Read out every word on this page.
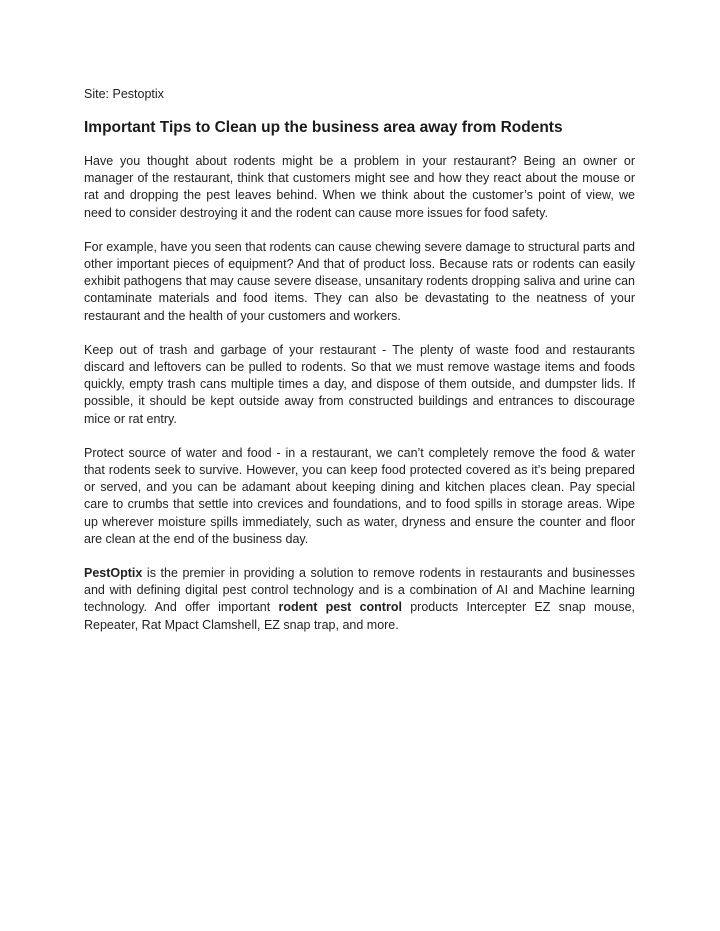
Site: Pestoptix

Important Tips to Clean up the business area away from Rodents

Have you thought about rodents might be a problem in your restaurant? Being an owner or manager of the restaurant, think that customers might see and how they react about the mouse or rat and dropping the pest leaves behind. When we think about the customer’s point of view, we need to consider destroying it and the rodent can cause more issues for food safety.

For example, have you seen that rodents can cause chewing severe damage to structural parts and other important pieces of equipment? And that of product loss. Because rats or rodents can easily exhibit pathogens that may cause severe disease, unsanitary rodents dropping saliva and urine can contaminate materials and food items. They can also be devastating to the neatness of your restaurant and the health of your customers and workers.

Keep out of trash and garbage of your restaurant - The plenty of waste food and restaurants discard and leftovers can be pulled to rodents. So that we must remove wastage items and foods quickly, empty trash cans multiple times a day, and dispose of them outside, and dumpster lids. If possible, it should be kept outside away from constructed buildings and entrances to discourage mice or rat entry.

Protect source of water and food - in a restaurant, we can’t completely remove the food & water that rodents seek to survive. However, you can keep food protected covered as it’s being prepared or served, and you can be adamant about keeping dining and kitchen places clean. Pay special care to crumbs that settle into crevices and foundations, and to food spills in storage areas. Wipe up wherever moisture spills immediately, such as water, dryness and ensure the counter and floor are clean at the end of the business day.

PestOptix is the premier in providing a solution to remove rodents in restaurants and businesses and with defining digital pest control technology and is a combination of AI and Machine learning technology. And offer important rodent pest control products Intercepter EZ snap mouse, Repeater, Rat Mpact Clamshell, EZ snap trap, and more.
